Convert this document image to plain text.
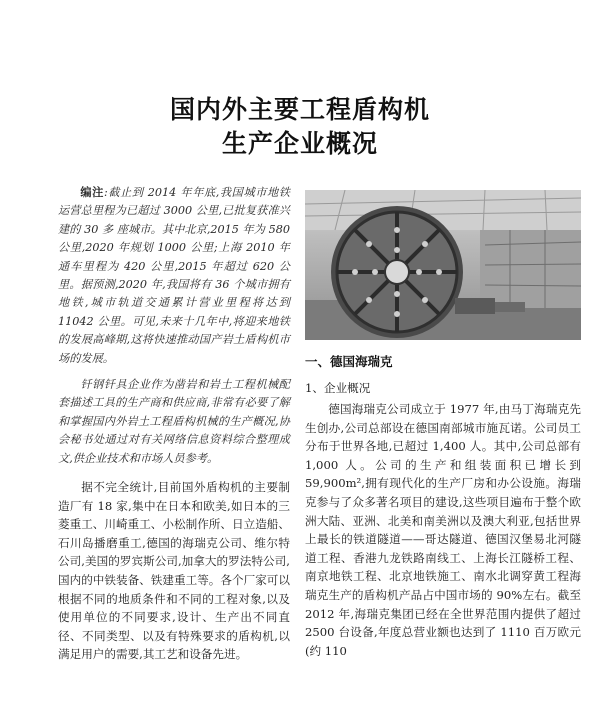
国内外主要工程盾构机
生产企业概况

编注:截止到 2014 年年底,我国城市地铁运营总里程为已超过 3000 公里,已批复获准兴建的 30 多 座城市。其中北京,2015 年为 580 公里,2020 年规划 1000 公里;上海 2010 年通车里程为 420 公里,2015 年超过 620 公里。据预测,2020 年,我国将有 36 个城市拥有地铁,城市轨道交通累计营业里程将达到 11042 公里。可见,未来十几年中,将迎来地铁的发展高峰期,这将快速推动国产岩土盾构机市场的发展。

钎钢钎具企业作为凿岩和岩土工程机械配套描述工具的生产商和供应商,非常有必要了解和掌握国内外岩土工程盾构机械的生产概况,协会秘书处通过对有关网络信息资料综合整理成文,供企业技术和市场人员参考。

据不完全统计,目前国外盾构机的主要制造厂有 18 家,集中在日本和欧美,如日本的三菱重工、川崎重工、小松制作所、日立造船、石川岛播磨重工,德国的海瑞克公司、维尔特公司,美国的罗宾斯公司,加拿大的罗法特公司,国内的中铁装备、铁建重工等。各个厂家可以根据不同的地质条件和不同的工程对象,以及使用单位的不同要求,设计、生产出不同直径、不同类型、以及有特殊要求的盾构机,以满足用户的需要,其工艺和设备先进。

一、德国海瑞克
1、企业概况

德国海瑞克公司成立于 1977 年,由马丁海瑞克先生创办,公司总部设在德国南部城市施瓦诺。公司员工分布于世界各地,已超过 1,400 人。其中,公司总部有 1,000 人。公司的生产和组装面积已增长到 59,900m²,拥有现代化的生产厂房和办公设施。海瑞克参与了众多著名项目的建设,这些项目遍布于整个欧洲大陆、亚洲、北美和南美洲以及澳大利亚,包括世界上最长的铁道隧道——哥达隧道、德国汉堡易北河隧道工程、香港九龙铁路南线工、上海长江隧桥工程、南京地铁工程、北京地铁施工、南水北调穿黄工程海瑞克生产的盾构机产品占中国市场的 90%左右。截至 2012 年,海瑞克集团已经在全世界范围内提供了超过 2500 台设备,年度总营业额也达到了 1110 百万欧元(约 110
